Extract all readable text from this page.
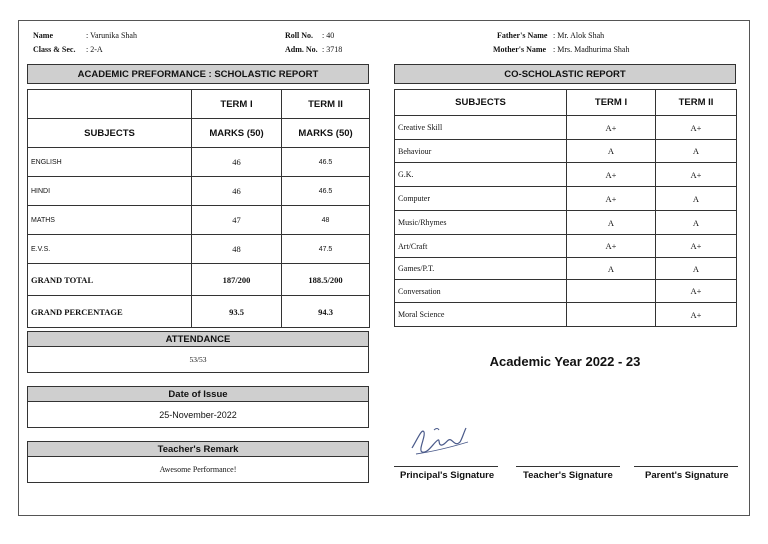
Name	: Varunika Shah
Class & Sec. : 2-A
Roll No. : 40
Adm. No. : 3718
Father's Name : Mr. Alok Shah
Mother's Name : Mrs. Madhurima Shah
ACADEMIC PREFORMANCE : SCHOLASTIC REPORT
	TERM I	TERM II
SUBJECTS	MARKS (50)	MARKS (50)
ENGLISH	46	46.5
HINDI	46	46.5
MATHS	47	48
E.V.S.	48	47.5
GRAND TOTAL	187/200	188.5/200
GRAND PERCENTAGE	93.5	94.3
ATTENDANCE
53/53
Date of Issue
25-November-2022
Teacher's Remark
Awesome Performance!
CO-SCHOLASTIC REPORT
SUBJECTS	TERM I	TERM II
Creative Skill	A+	A+
Behaviour	A	A
G.K.	A+	A+
Computer	A+	A
Music/Rhymes	A	A
Art/Craft	A+	A+
Games/P.T.	A	A
Conversation		A+
Moral Science		A+
Academic Year 2022 - 23
Principal's Signature	Teacher's Signature	Parent's Signature
